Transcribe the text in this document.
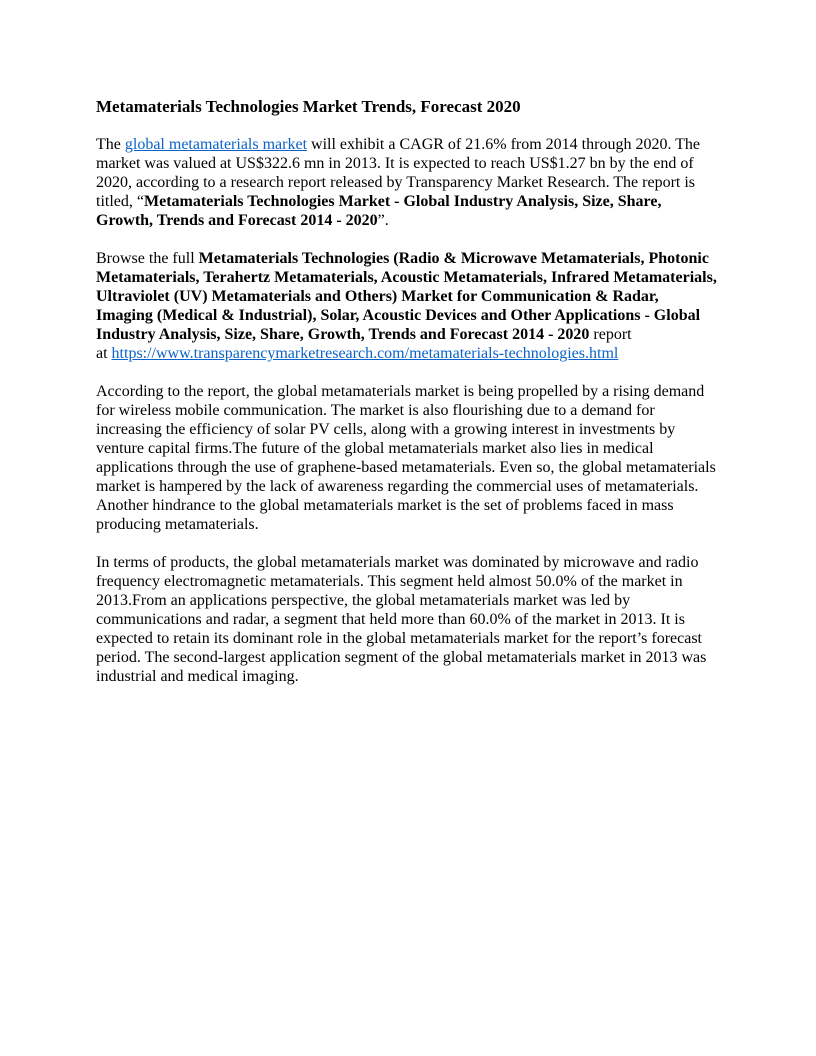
Metamaterials Technologies Market Trends, Forecast 2020

The global metamaterials market will exhibit a CAGR of 21.6% from 2014 through 2020. The
market was valued at US$322.6 mn in 2013. It is expected to reach US$1.27 bn by the end of
2020, according to a research report released by Transparency Market Research. The report is
titled, “Metamaterials Technologies Market - Global Industry Analysis, Size, Share,
Growth, Trends and Forecast 2014 - 2020”.

Browse the full Metamaterials Technologies (Radio & Microwave Metamaterials, Photonic
Metamaterials, Terahertz Metamaterials, Acoustic Metamaterials, Infrared Metamaterials,
Ultraviolet (UV) Metamaterials and Others) Market for Communication & Radar,
Imaging (Medical & Industrial), Solar, Acoustic Devices and Other Applications - Global
Industry Analysis, Size, Share, Growth, Trends and Forecast 2014 - 2020 report
at https://www.transparencymarketresearch.com/metamaterials-technologies.html

According to the report, the global metamaterials market is being propelled by a rising demand
for wireless mobile communication. The market is also flourishing due to a demand for
increasing the efficiency of solar PV cells, along with a growing interest in investments by
venture capital firms.The future of the global metamaterials market also lies in medical
applications through the use of graphene-based metamaterials. Even so, the global metamaterials
market is hampered by the lack of awareness regarding the commercial uses of metamaterials.
Another hindrance to the global metamaterials market is the set of problems faced in mass
producing metamaterials.

In terms of products, the global metamaterials market was dominated by microwave and radio
frequency electromagnetic metamaterials. This segment held almost 50.0% of the market in
2013.From an applications perspective, the global metamaterials market was led by
communications and radar, a segment that held more than 60.0% of the market in 2013. It is
expected to retain its dominant role in the global metamaterials market for the report’s forecast
period. The second-largest application segment of the global metamaterials market in 2013 was
industrial and medical imaging.
